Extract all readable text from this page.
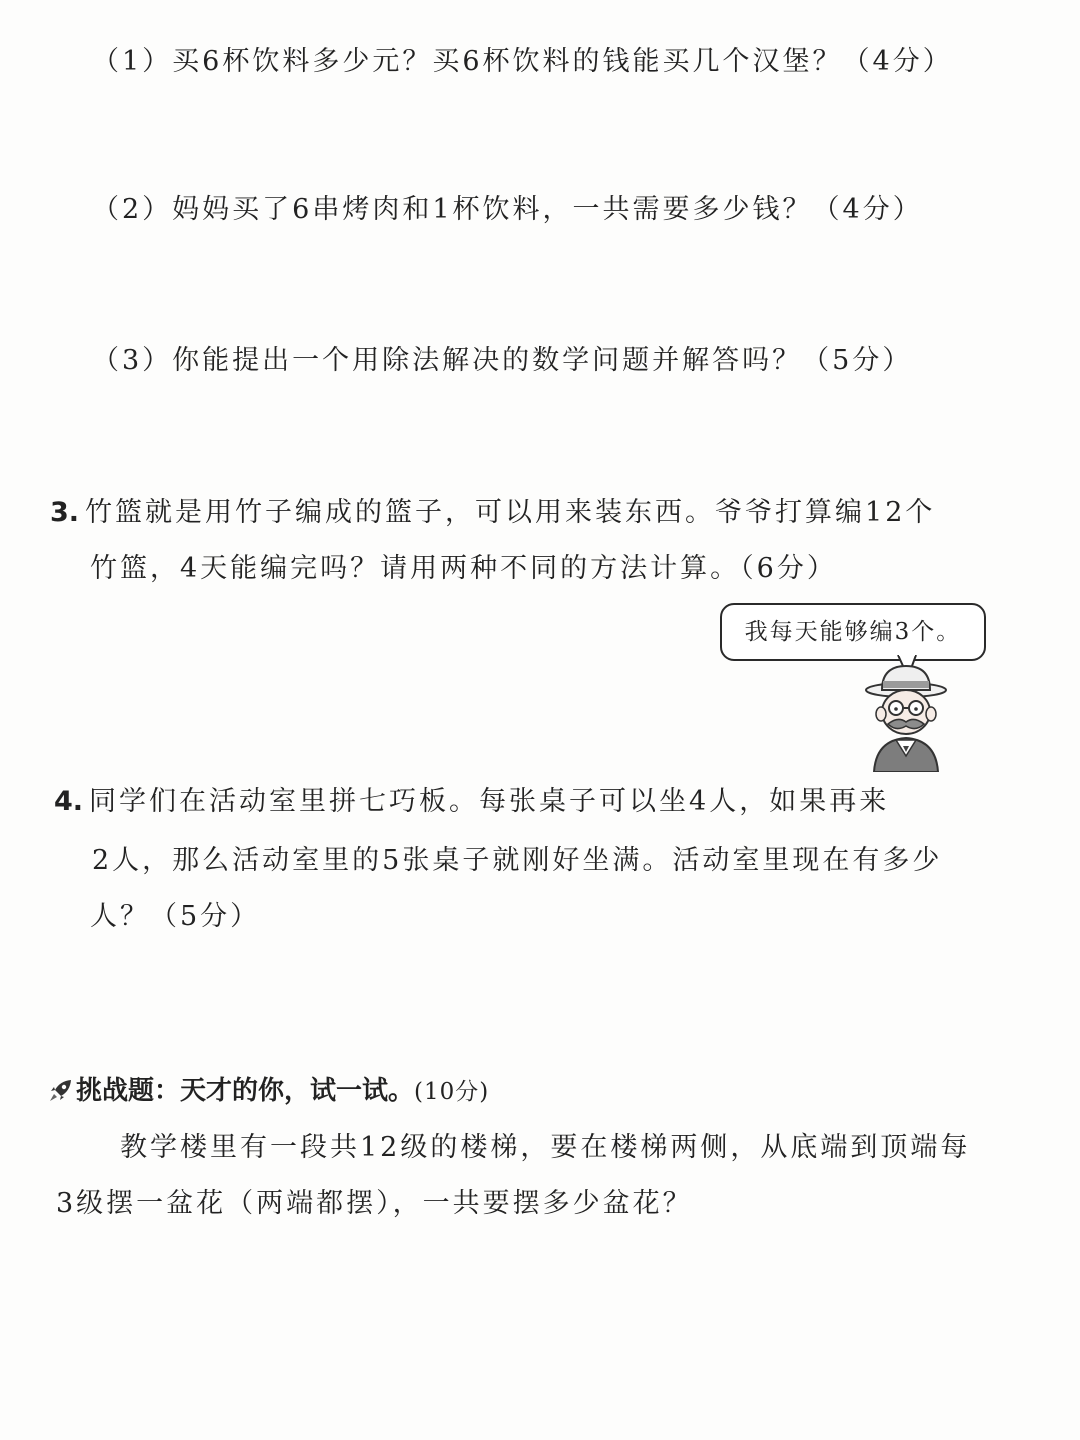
（1）买6杯饮料多少元？买6杯饮料的钱能买几个汉堡？（4分）
（2）妈妈买了6串烤肉和1杯饮料，一共需要多少钱？（4分）
（3）你能提出一个用除法解决的数学问题并解答吗？（5分）
3. 竹篮就是用竹子编成的篮子，可以用来装东西。爷爷打算编12个
竹篮，4天能编完吗？请用两种不同的方法计算。（6分）
我每天能够编3个。
4. 同学们在活动室里拼七巧板。每张桌子可以坐4人，如果再来
2人，那么活动室里的5张桌子就刚好坐满。活动室里现在有多少
人？（5分）
挑战题：天才的你，试一试。(10分)
教学楼里有一段共12级的楼梯，要在楼梯两侧，从底端到顶端每
3级摆一盆花（两端都摆），一共要摆多少盆花？
